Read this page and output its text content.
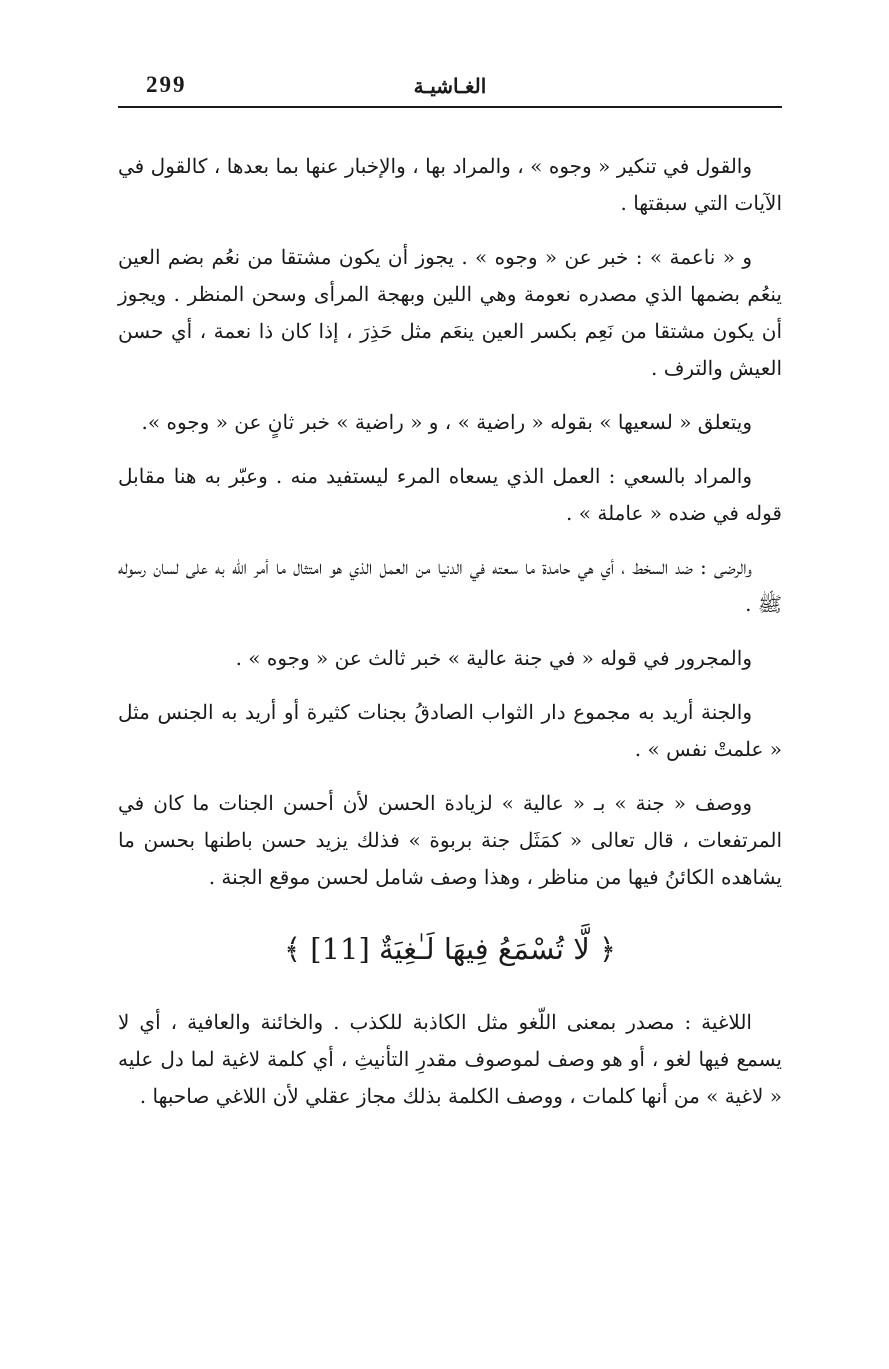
299	الغـاشيـة

والقول في تنكير « وجوه » ، والمراد بها ، والإخبار عنها بما بعدها ، كالقول في الآيات التي سبقتها .

و « ناعمة » : خبر عن « وجوه » . يجوز أن يكون مشتقا من نعُم بضم العين ينعُم بضمها الذي مصدره نعومة وهي اللين وبهجة المرأى وسحن المنظر . ويجوز أن يكون مشتقا من نَعِم بكسر العين ينعَم مثل حَذِرَ ، إذا كان ذا نعمة ، أي حسن العيش والترف .

ويتعلق « لسعيها » بقوله « راضية » ، و « راضية » خبر ثانٍ عن « وجوه ».

والمراد بالسعي : العمل الذي يسعاه المرء ليستفيد منه . وعبّر به هنا مقابل قوله في ضده « عاملة » .

والرضى : ضد السخط ، أي هي حامدة ما سعته في الدنيا من العمل الذي هو امتثال ما أمر الله به على لسان رسوله ﷺ .

والمجرور في قوله « في جنة عالية » خبر ثالث عن « وجوه » .

والجنة أريد به مجموع دار الثواب الصادقُ بجنات كثيرة أو أريد به الجنس مثل « علمتْ نفس » .

ووصف « جنة » بـ « عالية » لزيادة الحسن لأن أحسن الجنات ما كان في المرتفعات ، قال تعالى « كمَثَل جنة بربوة » فذلك يزيد حسن باطنها بحسن ما يشاهده الكائنُ فيها من مناظر ، وهذا وصف شامل لحسن موقع الجنة .

﴿ لَّا تُسْمَعُ فِيهَا لَـٰغِيَةٌ [11] ﴾

اللاغية : مصدر بمعنى اللّغو مثل الكاذبة للكذب . والخائنة والعافية ، أي لا يسمع فيها لغو ، أو هو وصف لموصوف مقدرِ التأنيثِ ، أي كلمة لاغية لما دل عليه « لاغية » من أنها كلمات ، ووصف الكلمة بذلك مجاز عقلي لأن اللاغي صاحبها .
